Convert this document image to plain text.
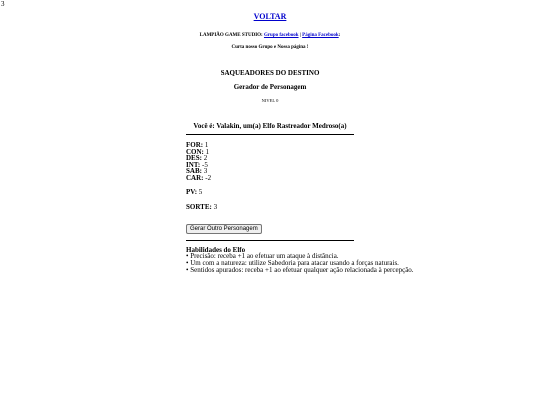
3
VOLTAR
LAMPIÃO GAME STUDIO: Grupo facebook | Página Facebook:
Curta nosso Grupo e Nossa página !
SAQUEADORES DO DESTINO
Gerador de Personagem
NIVEL 0
Você é: Valakin, um(a) Elfo Rastreador Medroso(a)
FOR: 1
CON: 1
DES: 2
INT: -5
SAB: 3
CAR: -2
PV: 5
SORTE: 3
Gerar Outro Personagem
Habilidades do Elfo
• Precisão: receba +1 ao efetuar um ataque à distância.
• Um com a natureza: utilize Sabedoria para atacar usando a forças naturais.
• Sentidos apurados: receba +1 ao efetuar qualquer ação relacionada à percepção.
